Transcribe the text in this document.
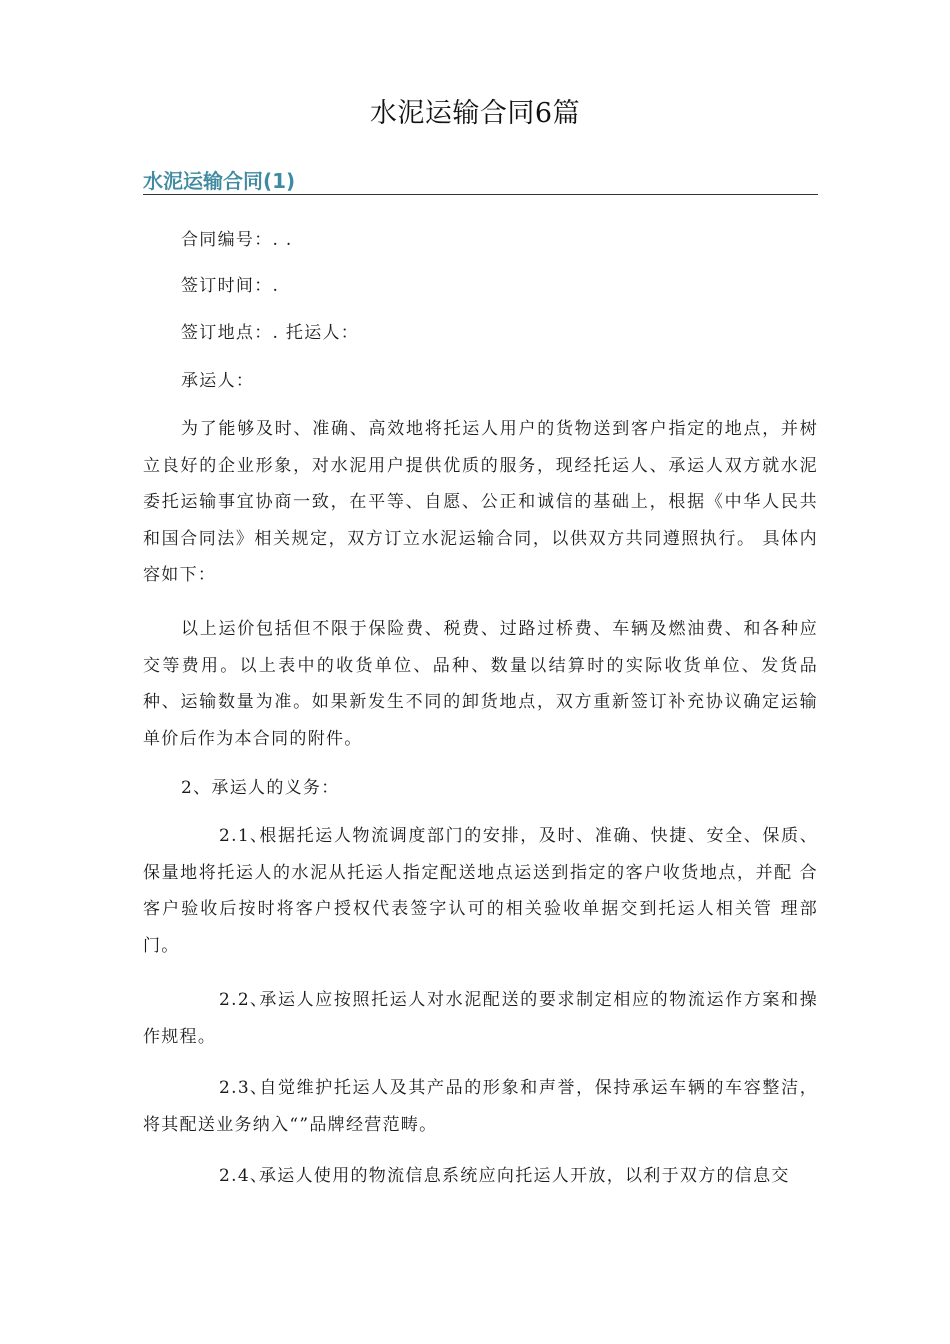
水泥运输合同6篇
水泥运输合同(1)
合同编号：. .
签订时间：.
签订地点：. 托运人：
承运人：
为了能够及时、准确、高效地将托运人用户的货物送到客户指定的地点，并树立良好的企业形象，对水泥用户提供优质的服务，现经托运人、承运人双方就水泥委托运输事宜协商一致，在平等、自愿、公正和诚信的基础上，根据《中华人民共和国合同法》相关规定，双方订立水泥运输合同，以供双方共同遵照执行。 具体内容如下：
以上运价包括但不限于保险费、税费、过路过桥费、车辆及燃油费、和各种应交等费用。以上表中的收货单位、品种、数量以结算时的实际收货单位、发货品种、运输数量为准。如果新发生不同的卸货地点，双方重新签订补充协议确定运输单价后作为本合同的附件。
2、承运人的义务：
2.1、根据托运人物流调度部门的安排，及时、准确、快捷、安全、保质、 保量地将托运人的水泥从托运人指定配送地点运送到指定的客户收货地点，并配 合客户验收后按时将客户授权代表签字认可的相关验收单据交到托运人相关管 理部门。
2.2、承运人应按照托运人对水泥配送的要求制定相应的物流运作方案和操 作规程。
2.3、自觉维护托运人及其产品的形象和声誉，保持承运车辆的车容整洁， 将其配送业务纳入“”品牌经营范畴。
2.4、承运人使用的物流信息系统应向托运人开放，以利于双方的信息交
